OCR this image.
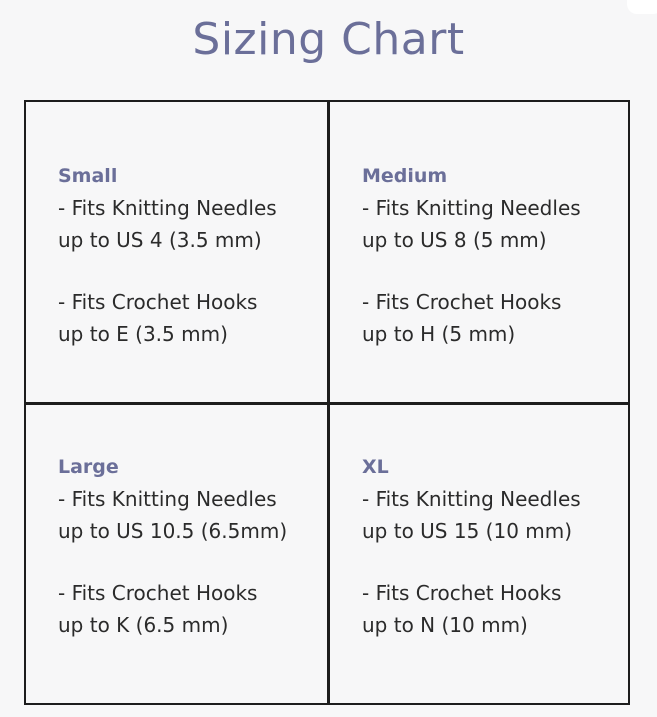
Sizing Chart
Small
- Fits Knitting Needles
up to US 4 (3.5 mm)
- Fits Crochet Hooks
up to E (3.5 mm)
Medium
- Fits Knitting Needles
up to US 8 (5 mm)
- Fits Crochet Hooks
up to H (5 mm)
Large
- Fits Knitting Needles
up to US 10.5 (6.5mm)
- Fits Crochet Hooks
up to K (6.5 mm)
XL
- Fits Knitting Needles
up to US 15 (10 mm)
- Fits Crochet Hooks
up to N (10 mm)
